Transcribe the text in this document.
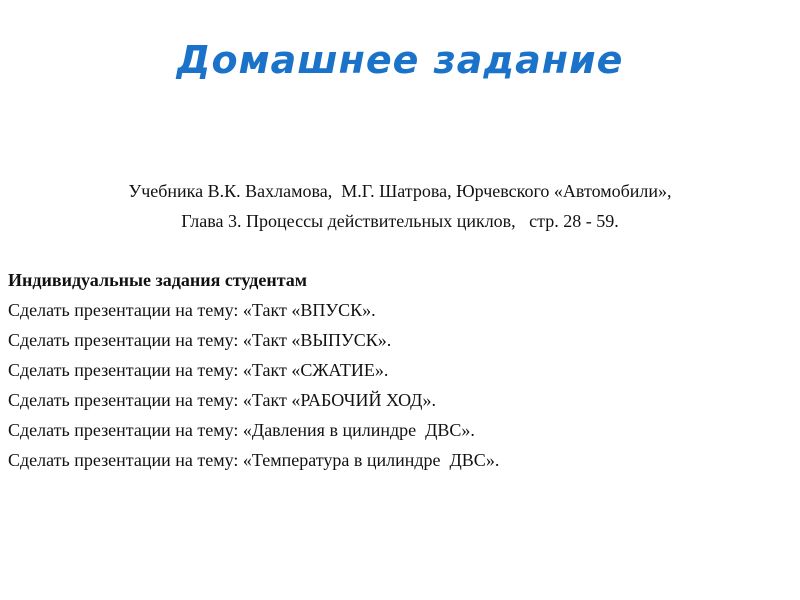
Домашнее задание
Учебника В.К. Вахламова,  М.Г. Шатрова, Юрчевского «Автомобили»,
Глава 3. Процессы действительных циклов,   стр. 28 - 59.
Индивидуальные задания студентам
Сделать презентации на тему: «Такт «ВПУСК».
Сделать презентации на тему: «Такт «ВЫПУСК».
Сделать презентации на тему: «Такт «СЖАТИЕ».
Сделать презентации на тему: «Такт «РАБОЧИЙ ХОД».
Сделать презентации на тему: «Давления в цилиндре  ДВС».
Сделать презентации на тему: «Температура в цилиндре  ДВС».
